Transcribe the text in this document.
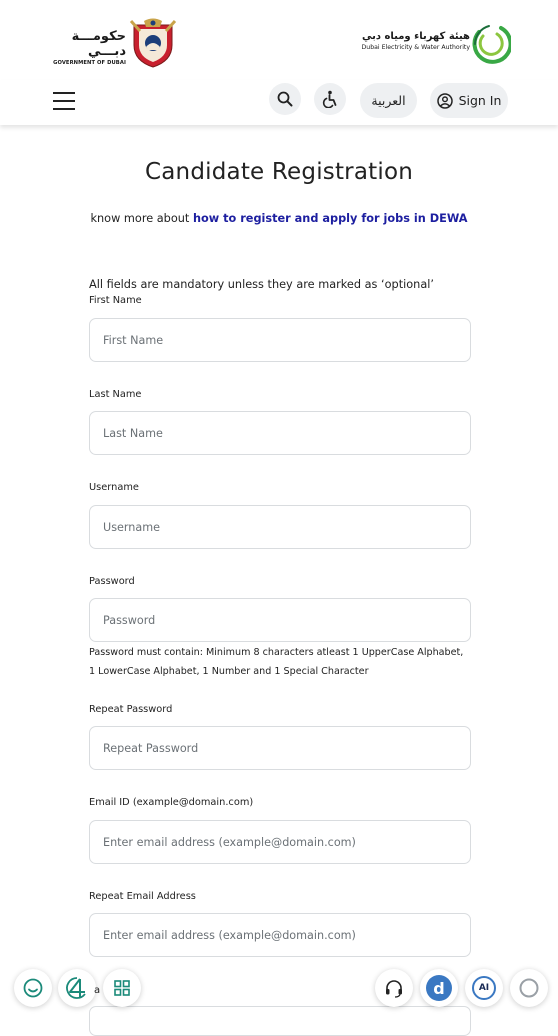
حكومـــة دبـــي
GOVERNMENT OF DUBAI
هيئة كهرباء ومياه دبي
Dubai Electricity & Water Authority
العربية	Sign In
Candidate Registration
know more about how to register and apply for jobs in DEWA
All fields are mandatory unless they are marked as ‘optional’
First Name
First Name
Last Name
Last Name
Username
Username
Password
Password must contain: Minimum 8 characters atleast 1 UpperCase Alphabet, 1 LowerCase Alphabet, 1 Number and 1 Special Character
Repeat Password
Email ID (example@domain.com)
Enter email address (example@domain.com)
Repeat Email Address
Enter email address (example@domain.com)
a	d	AI
